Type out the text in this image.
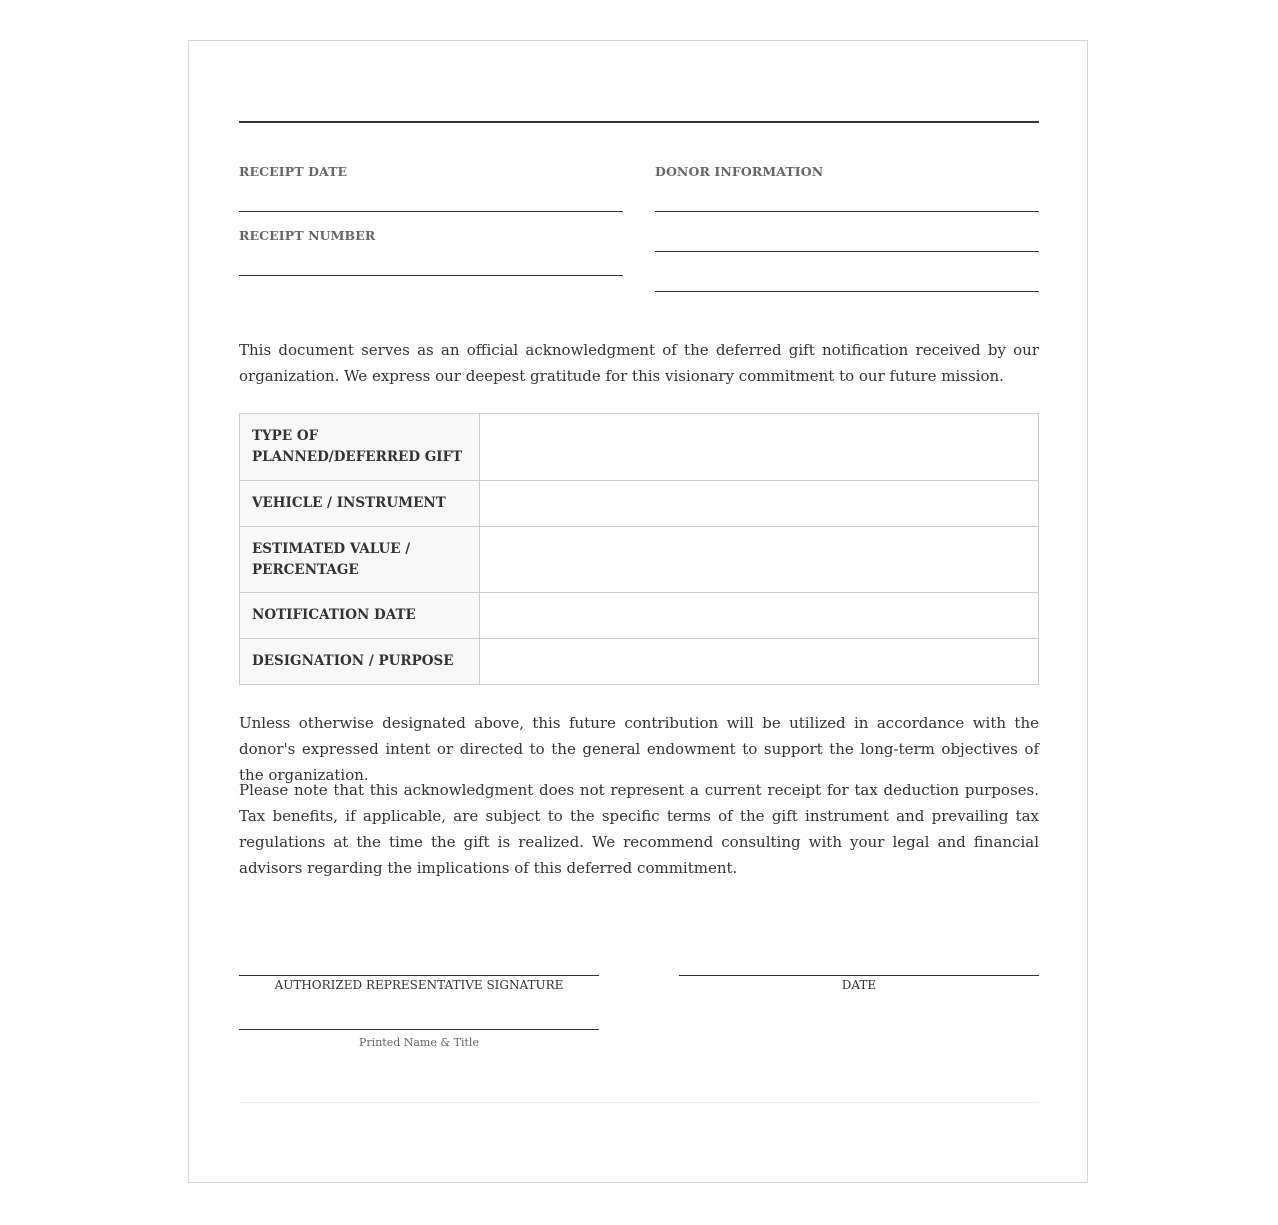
RECEIPT DATE
RECEIPT NUMBER
DONOR INFORMATION

This document serves as an official acknowledgment of the deferred gift notification received by our organization. We express our deepest gratitude for this visionary commitment to our future mission.

TYPE OF PLANNED/DEFERRED GIFT	
VEHICLE / INSTRUMENT	
ESTIMATED VALUE / PERCENTAGE	
NOTIFICATION DATE	
DESIGNATION / PURPOSE	

Unless otherwise designated above, this future contribution will be utilized in accordance with the donor's expressed intent or directed to the general endowment to support the long-term objectives of the organization.

Please note that this acknowledgment does not represent a current receipt for tax deduction purposes. Tax benefits, if applicable, are subject to the specific terms of the gift instrument and prevailing tax regulations at the time the gift is realized. We recommend consulting with your legal and financial advisors regarding the implications of this deferred commitment.

AUTHORIZED REPRESENTATIVE SIGNATURE	DATE
Printed Name & Title
